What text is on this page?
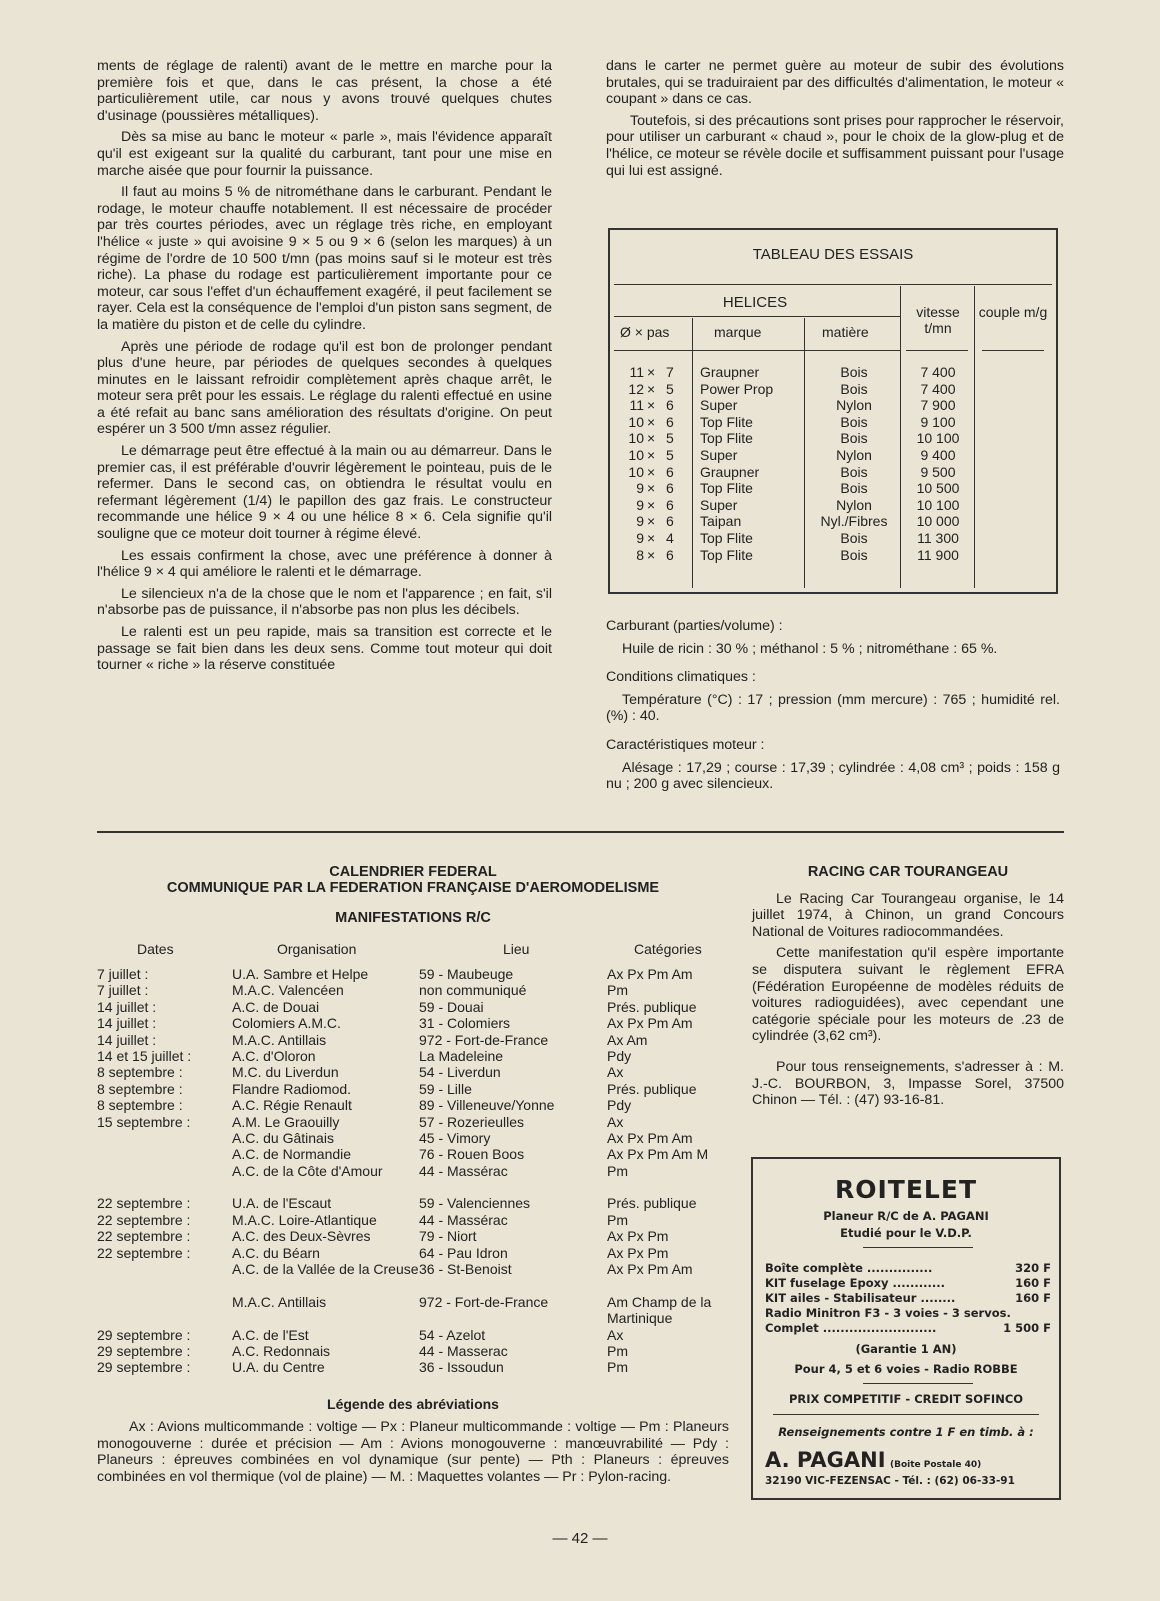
ments de réglage de ralenti) avant de le mettre en marche pour la première fois et que, dans le cas présent, la chose a été particulièrement utile, car nous y avons trouvé quelques chutes d'usinage (poussières métalliques).

Dès sa mise au banc le moteur « parle », mais l'évidence apparaît qu'il est exigeant sur la qualité du carburant, tant pour une mise en marche aisée que pour fournir la puissance.

Il faut au moins 5 % de nitrométhane dans le carburant. Pendant le rodage, le moteur chauffe notablement. Il est nécessaire de procéder par très courtes périodes, avec un réglage très riche, en employant l'hélice « juste » qui avoisine 9 × 5 ou 9 × 6 (selon les marques) à un régime de l'ordre de 10 500 t/mn (pas moins sauf si le moteur est très riche). La phase du rodage est particulièrement importante pour ce moteur, car sous l'effet d'un échauffement exagéré, il peut facilement se rayer. Cela est la conséquence de l'emploi d'un piston sans segment, de la matière du piston et de celle du cylindre.

Après une période de rodage qu'il est bon de prolonger pendant plus d'une heure, par périodes de quelques secondes à quelques minutes en le laissant refroidir complètement après chaque arrêt, le moteur sera prêt pour les essais. Le réglage du ralenti effectué en usine a été refait au banc sans amélioration des résultats d'origine. On peut espérer un 3 500 t/mn assez régulier.

Le démarrage peut être effectué à la main ou au démarreur. Dans le premier cas, il est préférable d'ouvrir légèrement le pointeau, puis de le refermer. Dans le second cas, on obtiendra le résultat voulu en refermant légèrement (1/4) le papillon des gaz frais. Le constructeur recommande une hélice 9 × 4 ou une hélice 8 × 6. Cela signifie qu'il souligne que ce moteur doit tourner à régime élevé.

Les essais confirment la chose, avec une préférence à donner à l'hélice 9 × 4 qui améliore le ralenti et le démarrage.

Le silencieux n'a de la chose que le nom et l'apparence ; en fait, s'il n'absorbe pas de puissance, il n'absorbe pas non plus les décibels.

Le ralenti est un peu rapide, mais sa transition est correcte et le passage se fait bien dans les deux sens. Comme tout moteur qui doit tourner « riche » la réserve constituée

dans le carter ne permet guère au moteur de subir des évolutions brutales, qui se traduiraient par des difficultés d'alimentation, le moteur « coupant » dans ce cas.

Toutefois, si des précautions sont prises pour rapprocher le réservoir, pour utiliser un carburant « chaud », pour le choix de la glow-plug et de l'hélice, ce moteur se révèle docile et suffisamment puissant pour l'usage qui lui est assigné.

TABLEAU DES ESSAIS
HELICES
Ø × pas	marque	matière
vitesse t/mn
couple m/g
11 × 7 Graupner	Bois	7 400
12 × 5 Power Prop	Bois	7 400
11 × 6 Super	Nylon	7 900
10 × 6 Top Flite	Bois	9 100
10 × 5 Top Flite	Bois	10 100
10 × 5 Super	Nylon	9 400
10 × 6 Graupner	Bois	9 500
9 × 6 Top Flite	Bois	10 500
9 × 6 Super	Nylon	10 100
9 × 6 Taipan	Nyl./Fibres	10 000
9 × 4 Top Flite	Bois	11 300
8 × 6 Top Flite	Bois	11 900
Carburant (parties/volume) :
Huile de ricin : 30 % ; méthanol : 5 % ; nitrométhane : 65 %.
Conditions climatiques :
Température (°C) : 17 ; pression (mm mercure) : 765 ; humidité rel. (%) : 40.
Caractéristiques moteur :
Alésage : 17,29 ; course : 17,39 ; cylindrée : 4,08 cm³ ; poids : 158 g nu ; 200 g avec silencieux.
CALENDRIER FEDERAL
COMMUNIQUE PAR LA FEDERATION FRANÇAISE D'AEROMODELISME
MANIFESTATIONS R/C
Dates	Organisation	Lieu	Catégories
7 juillet :	U.A. Sambre et Helpe	59 - Maubeuge	Ax Px Pm Am
7 juillet :	M.A.C. Valencéen	non communiqué	Pm
14 juillet :	A.C. de Douai	59 - Douai	Prés. publique
14 juillet :	Colomiers A.M.C.	31 - Colomiers	Ax Px Pm Am
14 juillet :	M.A.C. Antillais	972 - Fort-de-France	Ax Am
14 et 15 juillet :	A.C. d'Oloron	La Madeleine	Pdy
8 septembre :	M.C. du Liverdun	54 - Liverdun	Ax
8 septembre :	Flandre Radiomod.	59 - Lille	Prés. publique
8 septembre :	A.C. Régie Renault	89 - Villeneuve/Yonne	Pdy
15 septembre :	A.M. Le Graouilly	57 - Rozerieulles	Ax
A.C. du Gâtinais	45 - Vimory	Ax Px Pm Am
A.C. de Normandie	76 - Rouen Boos	Ax Px Pm Am M
A.C. de la Côte d'Amour	44 - Massérac	Pm
22 septembre :	U.A. de l'Escaut	59 - Valenciennes	Prés. publique
22 septembre :	M.A.C. Loire-Atlantique	44 - Massérac	Pm
22 septembre :	A.C. des Deux-Sèvres	79 - Niort	Ax Px Pm
22 septembre :	A.C. du Béarn	64 - Pau Idron	Ax Px Pm
A.C. de la Vallée de la Creuse 36 - St-Benoist	Ax Px Pm Am
M.A.C. Antillais	972 - Fort-de-France	Am Champ de la Martinique
29 septembre :	A.C. de l'Est	54 - Azelot	Ax
29 septembre :	A.C. Redonnais	44 - Masserac	Pm
29 septembre :	U.A. du Centre	36 - Issoudun	Pm
Légende des abréviations
Ax : Avions multicommande : voltige — Px : Planeur multicommande : voltige — Pm : Planeurs monogouverne : durée et précision — Am : Avions monogouverne : manœuvrabilité — Pdy : Planeurs : épreuves combinées en vol dynamique (sur pente) — Pth : Planeurs : épreuves combinées en vol thermique (vol de plaine) — M. : Maquettes volantes — Pr : Pylon-racing.
RACING CAR TOURANGEAU

Le Racing Car Tourangeau organise, le 14 juillet 1974, à Chinon, un grand Concours National de Voitures radiocommandées.

Cette manifestation qu'il espère importante se disputera suivant le règlement EFRA (Fédération Européenne de modèles réduits de voitures radioguidées), avec cependant une catégorie spéciale pour les moteurs de .23 de cylindrée (3,62 cm³).

Pour tous renseignements, s'adresser à : M. J.-C. BOURBON, 3, Impasse Sorel, 37500 Chinon — Tél. : (47) 93-16-81.

ROITELET
Planeur R/C de A. PAGANI
Etudié pour le V.D.P.
Boîte complète ...............	320 F
KIT fuselage Epoxy ............	160 F
KIT ailes - Stabilisateur ........	160 F
Radio Minitron F3 - 3 voies - 3 servos.
Complet ..........................	1 500 F
(Garantie 1 AN)
Pour 4, 5 et 6 voies - Radio ROBBE
PRIX COMPETITIF - CREDIT SOFINCO
Renseignements contre 1 F en timb. à :
A. PAGANI (Boite Postale 40)
32190 VIC-FEZENSAC - Tél. : (62) 06-33-91
— 42 —
